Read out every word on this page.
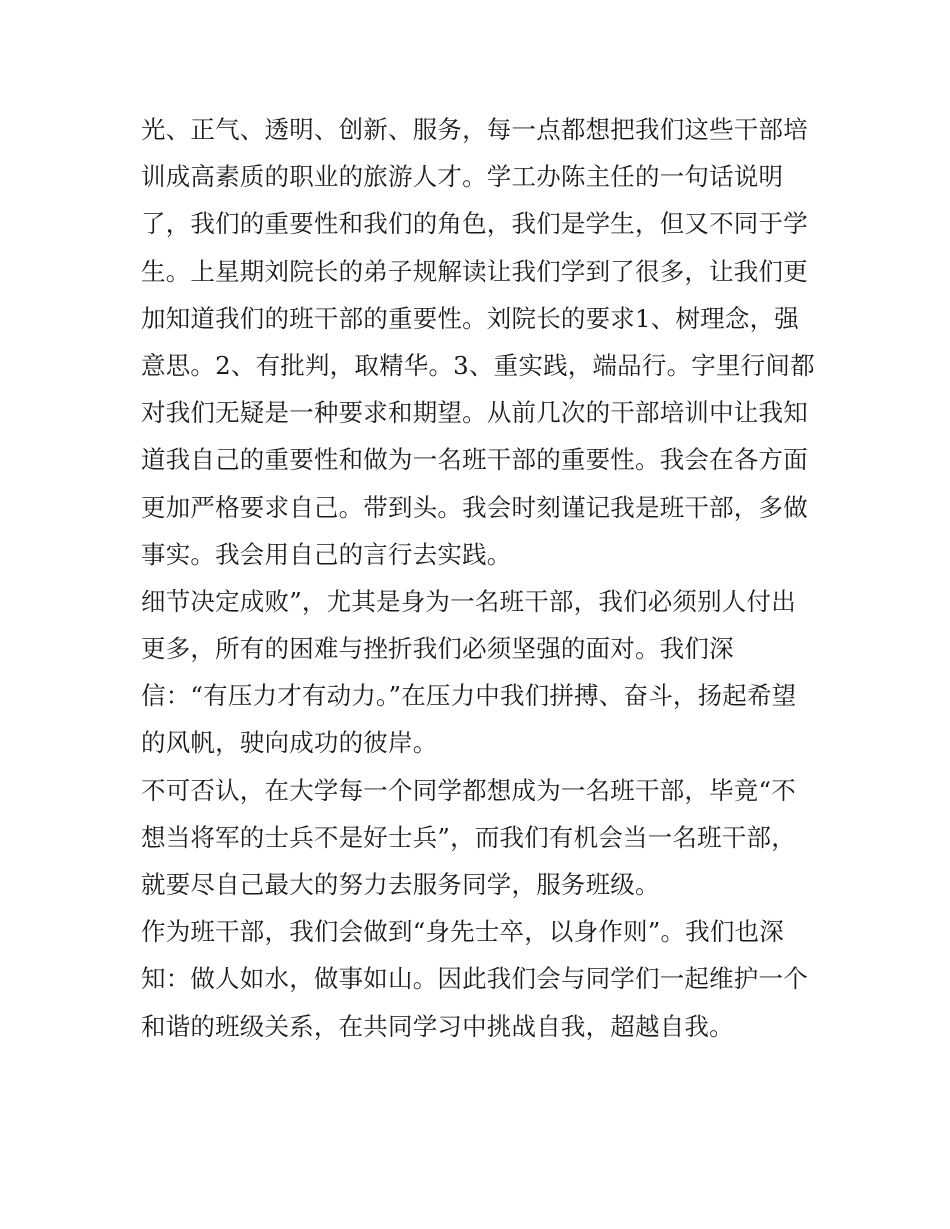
光、正气、透明、创新、服务，每一点都想把我们这些干部培
训成高素质的职业的旅游人才。学工办陈主任的一句话说明
了，我们的重要性和我们的角色，我们是学生，但又不同于学
生。上星期刘院长的弟子规解读让我们学到了很多，让我们更
加知道我们的班干部的重要性。刘院长的要求1、树理念，强
意思。2、有批判，取精华。3、重实践，端品行。字里行间都
对我们无疑是一种要求和期望。从前几次的干部培训中让我知
道我自己的重要性和做为一名班干部的重要性。我会在各方面
更加严格要求自己。带到头。我会时刻谨记我是班干部，多做
事实。我会用自己的言行去实践。
细节决定成败”，尤其是身为一名班干部，我们必须别人付出
更多，所有的困难与挫折我们必须坚强的面对。我们深
信：“有压力才有动力。”在压力中我们拼搏、奋斗，扬起希望
的风帆，驶向成功的彼岸。
不可否认，在大学每一个同学都想成为一名班干部，毕竟“不
想当将军的士兵不是好士兵”，而我们有机会当一名班干部，
就要尽自己最大的努力去服务同学，服务班级。
作为班干部，我们会做到“身先士卒，以身作则”。我们也深
知：做人如水，做事如山。因此我们会与同学们一起维护一个
和谐的班级关系，在共同学习中挑战自我，超越自我。
